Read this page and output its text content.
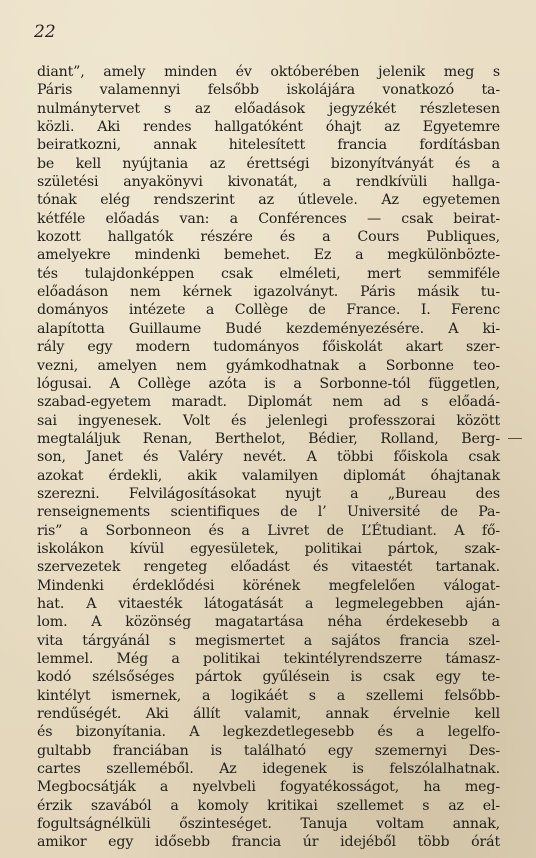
22
diant”, amely minden év októberében jelenik meg s
Páris valamennyi felsőbb iskolájára vonatkozó ta-
nulmánytervet s az előadások jegyzékét részletesen
közli. Aki rendes hallgatóként óhajt az Egyetemre
beiratkozni, annak hitelesített francia fordításban
be kell nyújtania az érettségi bizonyítványát és a
születési anyakönyvi kivonatát, a rendkívüli hallga-
tónak elég rendszerint az útlevele. Az egyetemen
kétféle előadás van: a Conférences — csak beirat-
kozott hallgatók részére és a Cours Publiques,
amelyekre mindenki bemehet. Ez a megkülönbözte-
tés tulajdonképpen csak elméleti, mert semmiféle
előadáson nem kérnek igazolványt. Páris másik tu-
dományos intézete a Collège de France. I. Ferenc
alapította Guillaume Budé kezdeményezésére. A ki-
rály egy modern tudományos főiskolát akart szer-
vezni, amelyen nem gyámkodhatnak a Sorbonne teo-
lógusai. A Collège azóta is a Sorbonne-tól független,
szabad-egyetem maradt. Diplomát nem ad s előadá-
sai ingyenesek. Volt és jelenlegi professzorai között
megtaláljuk Renan, Berthelot, Bédier, Rolland, Berg-
son, Janet és Valéry nevét. A többi főiskola csak
azokat érdekli, akik valamilyen diplomát óhajtanak
szerezni. Felvilágosításokat nyujt a „Bureau des
renseignements scientifiques de l’ Université de Pa-
ris” a Sorbonneon és a Livret de L’Étudiant. A fő-
iskolákon kívül egyesületek, politikai pártok, szak-
szervezetek rengeteg előadást és vitaestét tartanak.
Mindenki érdeklődési körének megfelelően válogat-
hat. A vitaesték látogatását a legmelegebben aján-
lom. A közönség magatartása néha érdekesebb a
vita tárgyánál s megismertet a sajátos francia szel-
lemmel. Még a politikai tekintélyrendszerre támasz-
kodó szélsőséges pártok gyűlésein is csak egy te-
kintélyt ismernek, a logikáét s a szellemi felsőbb-
rendűségét. Aki állít valamit, annak érvelnie kell
és bizonyítania. A legkezdetlegesebb és a legelfo-
gultabb franciában is található egy szemernyi Des-
cartes szelleméből. Az idegenek is felszólalhatnak.
Megbocsátják a nyelvbeli fogyatékosságot, ha meg-
érzik szavából a komoly kritikai szellemet s az el-
fogultságnélküli őszinteséget. Tanuja voltam annak,
amikor egy idősebb francia úr idejéből több órát
